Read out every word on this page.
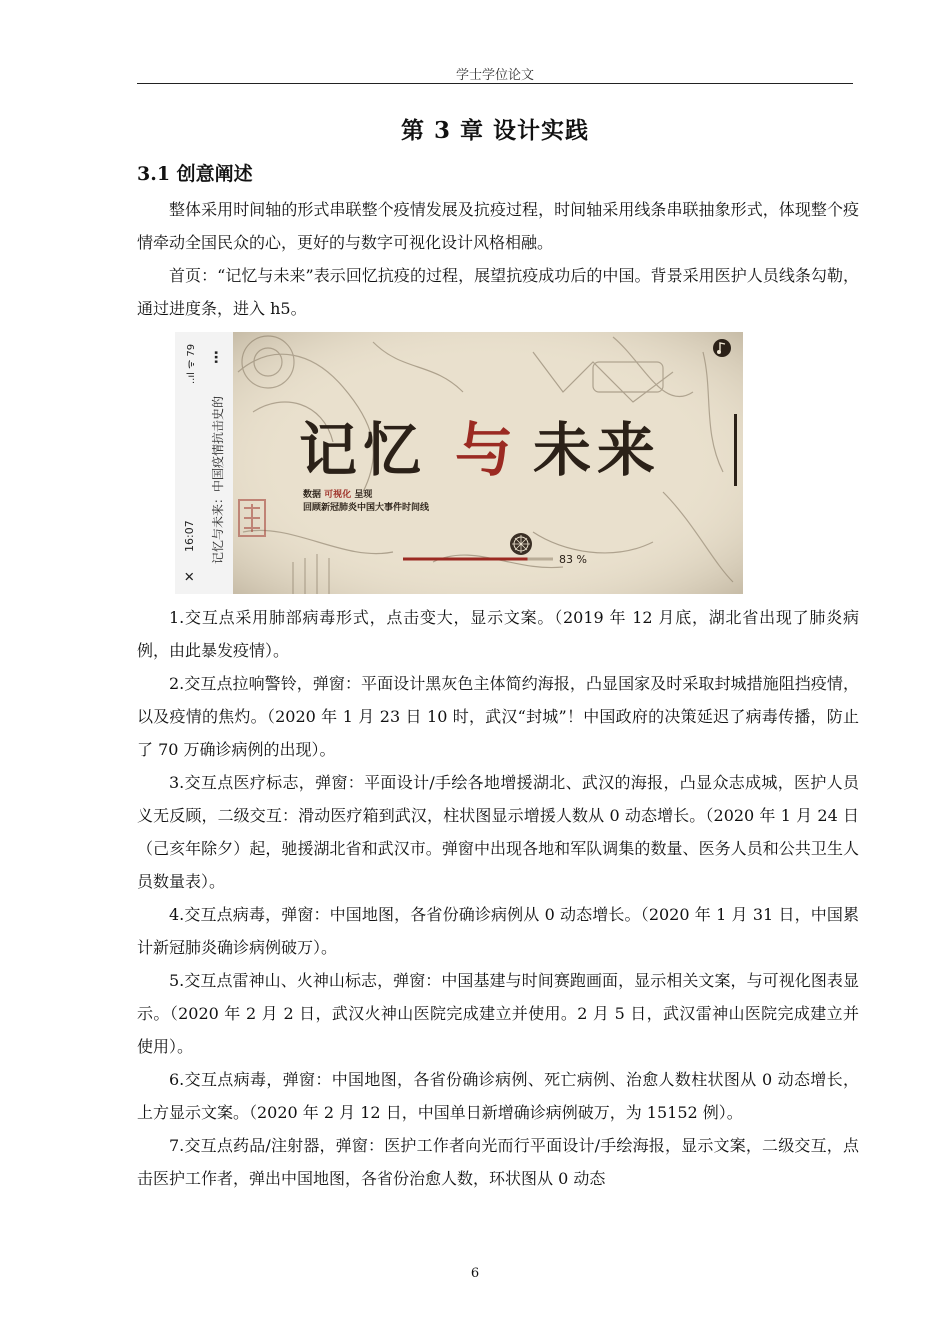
学士学位论文
第 3 章 设计实践
3.1 创意阐述

整体采用时间轴的形式串联整个疫情发展及抗疫过程，时间轴采用线条串联抽象形式，体现整个疫情牵动全国民众的心，更好的与数字可视化设计风格相融。

首页：“记忆与未来”表示回忆抗疫的过程，展望抗疫成功后的中国。背景采用医护人员线条勾勒，通过进度条，进入 h5。

✕
16:07 记忆与未来：中国疫情抗击史的
..ıl ᯤ 79 ⋯
记忆 与 未来
数据 可视化 呈现
回顾新冠肺炎中国大事件时间线
83 %

1.交互点采用肺部病毒形式，点击变大，显示文案。（2019 年 12 月底，湖北省出现了肺炎病例，由此暴发疫情）。

2.交互点拉响警铃，弹窗：平面设计黑灰色主体简约海报，凸显国家及时采取封城措施阻挡疫情，以及疫情的焦灼。（2020 年 1 月 23 日 10 时，武汉“封城”！中国政府的决策延迟了病毒传播，防止了 70 万确诊病例的出现）。

3.交互点医疗标志，弹窗：平面设计/手绘各地增援湖北、武汉的海报，凸显众志成城，医护人员义无反顾，二级交互：滑动医疗箱到武汉，柱状图显示增援人数从 0 动态增长。（2020 年 1 月 24 日（己亥年除夕）起，驰援湖北省和武汉市。弹窗中出现各地和军队调集的数量、医务人员和公共卫生人员数量表）。

4.交互点病毒，弹窗：中国地图，各省份确诊病例从 0 动态增长。（2020 年 1 月 31 日，中国累计新冠肺炎确诊病例破万）。

5.交互点雷神山、火神山标志，弹窗：中国基建与时间赛跑画面，显示相关文案，与可视化图表显示。（2020 年 2 月 2 日，武汉火神山医院完成建立并使用。2 月 5 日，武汉雷神山医院完成建立并使用）。

6.交互点病毒，弹窗：中国地图，各省份确诊病例、死亡病例、治愈人数柱状图从 0 动态增长，上方显示文案。（2020 年 2 月 12 日，中国单日新增确诊病例破万，为 15152 例）。

7.交互点药品/注射器，弹窗：医护工作者向光而行平面设计/手绘海报，显示文案，二级交互，点击医护工作者，弹出中国地图，各省份治愈人数，环状图从 0 动态

6
